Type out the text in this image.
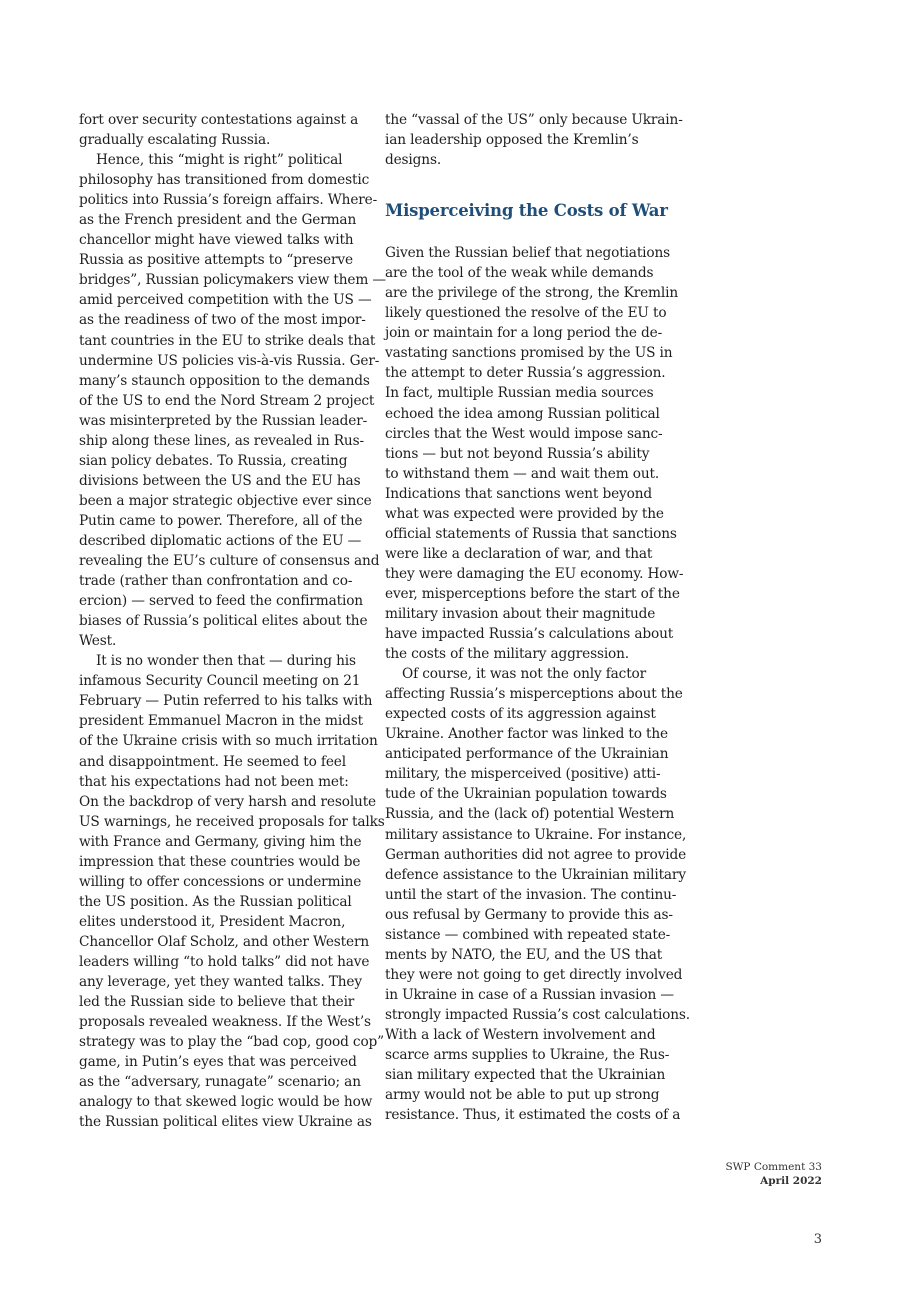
fort over security contestations against a
gradually escalating Russia.
Hence, this “might is right” political
philosophy has transitioned from domestic
politics into Russia’s foreign affairs. Where-
as the French president and the German
chancellor might have viewed talks with
Russia as positive attempts to “preserve
bridges”, Russian policymakers view them —
amid perceived competition with the US —
as the readiness of two of the most impor-
tant countries in the EU to strike deals that
undermine US policies vis-à-vis Russia. Ger-
many’s staunch opposition to the demands
of the US to end the Nord Stream 2 project
was misinterpreted by the Russian leader-
ship along these lines, as revealed in Rus-
sian policy debates. To Russia, creating
divisions between the US and the EU has
been a major strategic objective ever since
Putin came to power. Therefore, all of the
described diplomatic actions of the EU —
revealing the EU’s culture of consensus and
trade (rather than confrontation and co-
ercion) — served to feed the confirmation
biases of Russia’s political elites about the
West.
It is no wonder then that — during his
infamous Security Council meeting on 21
February — Putin referred to his talks with
president Emmanuel Macron in the midst
of the Ukraine crisis with so much irritation
and disappointment. He seemed to feel
that his expectations had not been met:
On the backdrop of very harsh and resolute
US warnings, he received proposals for talks
with France and Germany, giving him the
impression that these countries would be
willing to offer concessions or undermine
the US position. As the Russian political
elites understood it, President Macron,
Chancellor Olaf Scholz, and other Western
leaders willing “to hold talks” did not have
any leverage, yet they wanted talks. They
led the Russian side to believe that their
proposals revealed weakness. If the West’s
strategy was to play the “bad cop, good cop”
game, in Putin’s eyes that was perceived
as the “adversary, runagate” scenario; an
analogy to that skewed logic would be how
the Russian political elites view Ukraine as
the “vassal of the US” only because Ukrain-
ian leadership opposed the Kremlin’s
designs.
Misperceiving the Costs of War
Given the Russian belief that negotiations
are the tool of the weak while demands
are the privilege of the strong, the Kremlin
likely questioned the resolve of the EU to
join or maintain for a long period the de-
vastating sanctions promised by the US in
the attempt to deter Russia’s aggression.
In fact, multiple Russian media sources
echoed the idea among Russian political
circles that the West would impose sanc-
tions — but not beyond Russia’s ability
to withstand them — and wait them out.
Indications that sanctions went beyond
what was expected were provided by the
official statements of Russia that sanctions
were like a declaration of war, and that
they were damaging the EU economy. How-
ever, misperceptions before the start of the
military invasion about their magnitude
have impacted Russia’s calculations about
the costs of the military aggression.
Of course, it was not the only factor
affecting Russia’s misperceptions about the
expected costs of its aggression against
Ukraine. Another factor was linked to the
anticipated performance of the Ukrainian
military, the misperceived (positive) atti-
tude of the Ukrainian population towards
Russia, and the (lack of) potential Western
military assistance to Ukraine. For instance,
German authorities did not agree to provide
defence assistance to the Ukrainian military
until the start of the invasion. The continu-
ous refusal by Germany to provide this as-
sistance — combined with repeated state-
ments by NATO, the EU, and the US that
they were not going to get directly involved
in Ukraine in case of a Russian invasion —
strongly impacted Russia’s cost calculations.
With a lack of Western involvement and
scarce arms supplies to Ukraine, the Rus-
sian military expected that the Ukrainian
army would not be able to put up strong
resistance. Thus, it estimated the costs of a
SWP Comment 33
April 2022
3
